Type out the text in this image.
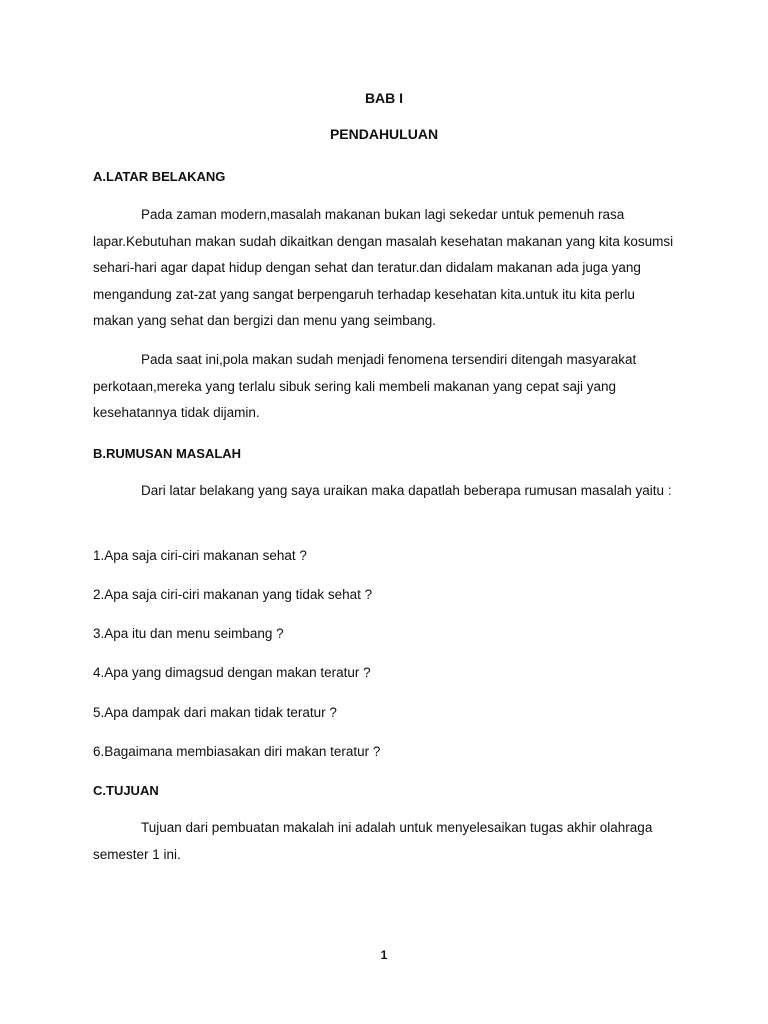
BAB I

PENDAHULUAN

A.LATAR BELAKANG

Pada zaman modern,masalah makanan bukan lagi sekedar untuk pemenuh rasa lapar.Kebutuhan makan sudah dikaitkan dengan masalah kesehatan makanan yang kita kosumsi sehari-hari agar dapat hidup dengan sehat dan teratur.dan didalam makanan ada juga yang mengandung zat-zat yang sangat berpengaruh terhadap kesehatan kita.untuk itu kita perlu makan yang sehat dan bergizi dan menu yang seimbang.

Pada saat ini,pola makan sudah menjadi fenomena tersendiri ditengah masyarakat perkotaan,mereka yang terlalu sibuk sering kali membeli makanan yang cepat saji yang kesehatannya tidak dijamin.

B.RUMUSAN MASALAH

Dari latar belakang yang saya uraikan maka dapatlah beberapa rumusan masalah yaitu :

1.Apa saja ciri-ciri makanan sehat ?

2.Apa saja ciri-ciri makanan yang tidak sehat ?

3.Apa itu dan menu seimbang ?

4.Apa yang dimagsud dengan makan teratur ?

5.Apa dampak dari makan tidak teratur ?

6.Bagaimana membiasakan diri makan teratur ?

C.TUJUAN

Tujuan dari pembuatan makalah ini adalah untuk menyelesaikan tugas akhir olahraga semester 1 ini.

1
